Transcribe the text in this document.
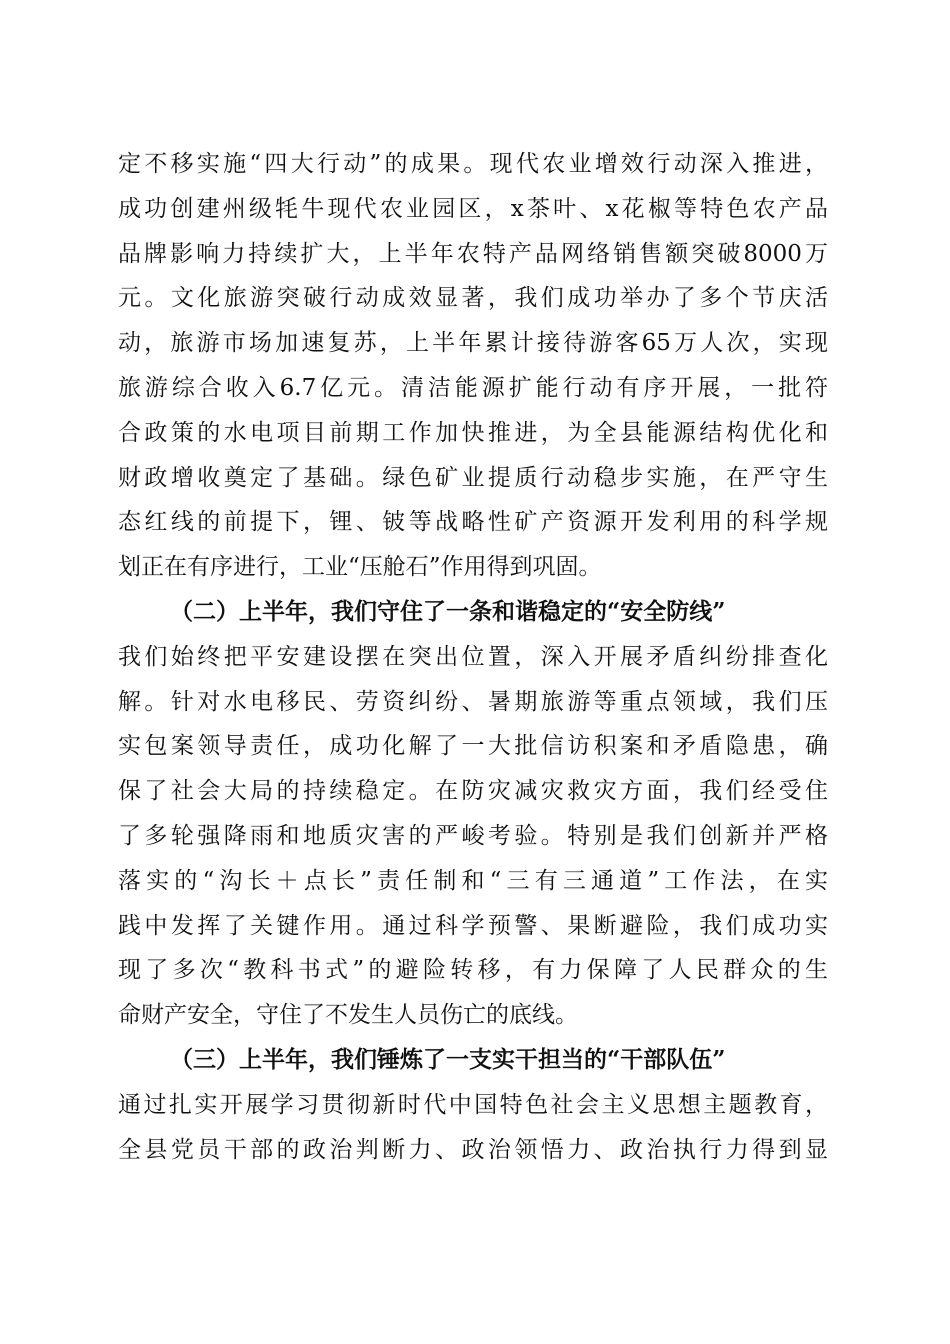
定不移实施“四大行动”的成果。现代农业增效行动深入推进，
成功创建州级牦牛现代农业园区，x茶叶、x花椒等特色农产品
品牌影响力持续扩大，上半年农特产品网络销售额突破8000万
元。文化旅游突破行动成效显著，我们成功举办了多个节庆活
动，旅游市场加速复苏，上半年累计接待游客65万人次，实现
旅游综合收入6.7亿元。清洁能源扩能行动有序开展，一批符
合政策的水电项目前期工作加快推进，为全县能源结构优化和
财政增收奠定了基础。绿色矿业提质行动稳步实施，在严守生
态红线的前提下，锂、铍等战略性矿产资源开发利用的科学规
划正在有序进行，工业“压舱石”作用得到巩固。
（二）上半年，我们守住了一条和谐稳定的“安全防线”
我们始终把平安建设摆在突出位置，深入开展矛盾纠纷排查化
解。针对水电移民、劳资纠纷、暑期旅游等重点领域，我们压
实包案领导责任，成功化解了一大批信访积案和矛盾隐患，确
保了社会大局的持续稳定。在防灾减灾救灾方面，我们经受住
了多轮强降雨和地质灾害的严峻考验。特别是我们创新并严格
落实的“沟长＋点长”责任制和“三有三通道”工作法，在实
践中发挥了关键作用。通过科学预警、果断避险，我们成功实
现了多次“教科书式”的避险转移，有力保障了人民群众的生
命财产安全，守住了不发生人员伤亡的底线。
（三）上半年，我们锤炼了一支实干担当的“干部队伍”
通过扎实开展学习贯彻新时代中国特色社会主义思想主题教育，
全县党员干部的政治判断力、政治领悟力、政治执行力得到显
